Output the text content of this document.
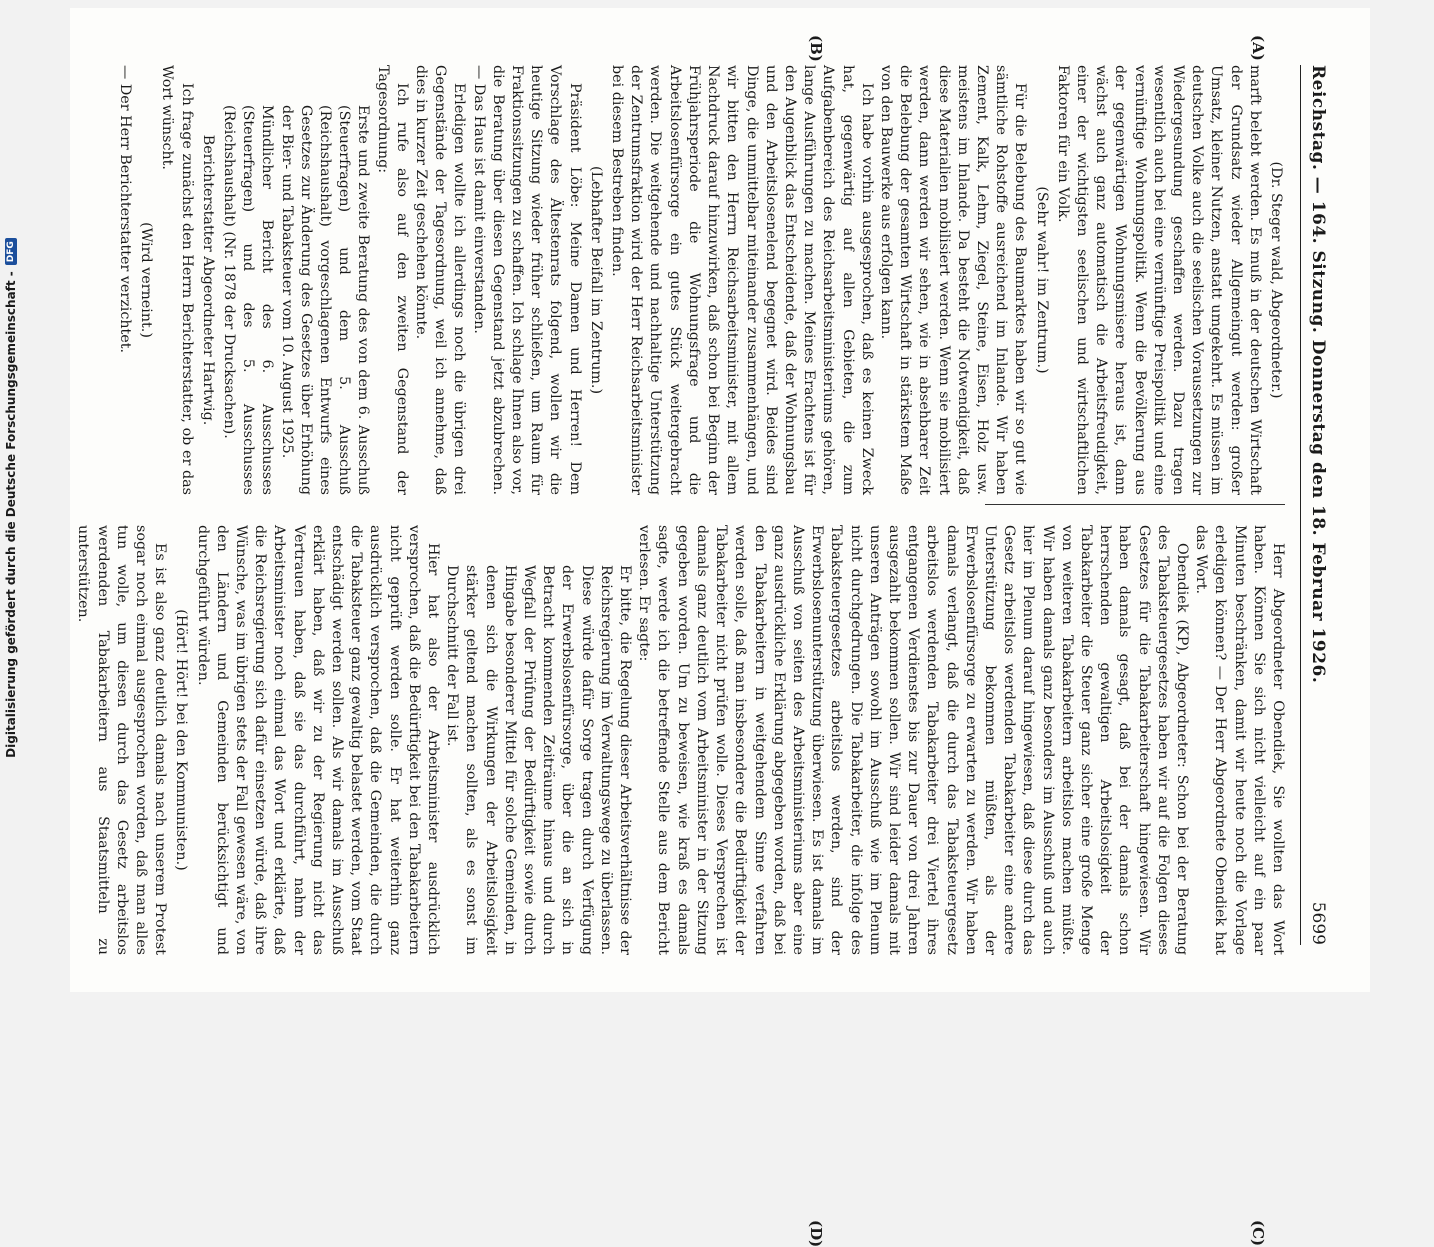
Digitalisierung gefördert durch die Deutsche Forschungsgemeinschaft -
DFG	Reichstag. — 164. Sitzung. Donnerstag den 18. Februar 1926.
5699
(A)
(B)
(C)
(D)

(Dr. Steger wald, Abgeordneter.)

marft belebt werden. Es muß in der deutschen Wirtschaft der Grundsatz wieder Allgemeingut werden: großer Umsatz, kleiner Nutzen, anstatt umgekehrt. Es müssen im deutschen Volke auch die seelischen Voraussetzungen zur Wiedergesundung geschaffen werden. Dazu tragen wesentlich auch bei eine vernünftige Preispolitik und eine vernünftige Wohnungspolitik. Wenn die Bevölkerung aus der gegenwärtigen Wohnungsmisere heraus ist, dann wächst auch ganz automatisch die Arbeitsfreudigkeit, einer der wichtigsten seelischen und wirtschaftlichen Faktoren für ein Volk.

(Sehr wahr! im Zentrum.)

Für die Belebung des Baumarktes haben wir so gut wie sämtliche Rohstoffe ausreichend im Inlande. Wir haben Zement, Kalk, Lehm, Ziegel, Steine, Eisen, Holz usw. meistens im Inlande. Da besteht die Notwendigkeit, daß diese Materialien mobilisiert werden. Wenn sie mobilisiert werden, dann werden wir sehen, wie in absehbarer Zeit die Belebung der gesamten Wirtschaft in stärkstem Maße von den Bauwerke aus erfolgen kann.

Ich habe vorhin ausgesprochen, daß es keinen Zweck hat, gegenwärtig auf allen Gebieten, die zum Aufgabenbereich des Reichsarbeitsministeriums gehören, lange Ausführungen zu machen. Meines Erachtens ist für den Augenblick das Entscheidende, daß der Wohnungsbau und den Arbeitslosenelend begegnet wird. Beides sind Dinge, die unmittelbar miteinander zusammenhängen, und wir bitten den Herrn Reichsarbeitsminister, mit allem Nachdruck darauf hinzuwirken, daß schon bei Beginn der Frühjahrsperiode die Wohnungsfrage und die Arbeitslosenfürsorge ein gutes Stück weitergebracht werden. Die weitgehende und nachhaltige Unterstützung der Zentrumsfraktion wird der Herr Reichsarbeitsminister bei diesem Bestreben finden.

(Lebhafter Beifall im Zentrum.)

Präsident Löbe: Meine Damen und Herren! Dem Vorschlage des Ältestenrats folgend, wollen wir die heutige Sitzung wieder früher schließen, um Raum für Fraktionssitzungen zu schaffen. Ich schlage Ihnen also vor, die Beratung über diesen Gegenstand jetzt abzubrechen. — Das Haus ist damit einverstanden.

Erledigen wollte ich allerdings noch die übrigen drei Gegenstände der Tagesordnung, weil ich annehme, daß dies in kurzer Zeit geschehen könnte.

Ich rufe also auf den zweiten Gegenstand der Tagesordnung:

Erste und zweite Beratung des von dem 6. Ausschuß (Steuerfragen) und dem 5. Ausschuß (Reichshaushalt) vorgeschlagenen Entwurfs eines Gesetzes zur Änderung des Gesetzes über Erhöhung der Bier- und Tabaksteuer vom 10. August 1925.

Mündlicher Bericht des 6. Ausschusses (Steuerfragen) und des 5. Ausschusses (Reichshaushalt) (Nr. 1878 der Drucksachen).

Berichterstatter Abgeordneter Hartwig.

Ich frage zunächst den Herrn Berichterstatter, ob er das Wort wünscht.

(Wird verneint.)

— Der Herr Berichterstatter verzichtet.

Herr Abgeordneter Obendiek, Sie wollten das Wort haben. Können Sie sich nicht vielleicht auf ein paar Minuten beschränken, damit wir heute noch die Vorlage erledigen können? — Der Herr Abgeordnete Obendiek hat das Wort.

Obendiek (KP), Abgeordneter: Schon bei der Beratung des Tabaksteuergesetzes haben wir auf die Folgen dieses Gesetzes für die Tabakarbeiterschaft hingewiesen. Wir haben damals gesagt, daß bei der damals schon herrschenden gewaltigen Arbeitslosigkeit der Tabakarbeiter die Steuer ganz sicher eine große Menge von weiteren Tabakarbeitern arbeitslos machen müßte. Wir haben damals ganz besonders im Ausschuß und auch hier im Plenum darauf hingewiesen, daß diese durch das Gesetz arbeitslos werdenden Tabakarbeiter eine andere Unterstützung bekommen müßten, als der Erwerbslosenfürsorge zu erwarten zu werden. Wir haben damals verlangt, daß die durch das Tabaksteuergesetz arbeitslos werdenden Tabakarbeiter drei Viertel ihres entgangenen Verdienstes bis zur Dauer von drei Jahren ausgezahlt bekommen sollen. Wir sind leider damals mit unseren Anträgen sowohl im Ausschuß wie im Plenum nicht durchgedrungen. Die Tabakarbeiter, die infolge des Tabaksteuergesetzes arbeitslos werden, sind der Erwerbslosenunterstützung überwiesen. Es ist damals im Ausschuß von seiten des Arbeitsministeriums aber eine ganz ausdrückliche Erklärung abgegeben worden, daß bei den Tabakarbeitern in weitgehendem Sinne verfahren werden solle, daß man insbesondere die Bedürftigkeit der Tabakarbeiter nicht prüfen wolle. Dieses Versprechen ist damals ganz deutlich vom Arbeitsminister in der Sitzung gegeben worden. Um zu beweisen, wie kraß es damals sagte, werde ich die betreffende Stelle aus dem Bericht verlesen. Er sagte:

Er bitte, die Regelung dieser Arbeitsverhältnisse der Reichsregierung im Verwaltungswege zu überlassen. Diese würde dafür Sorge tragen durch Verfügung der Erwerbslosenfürsorge, über die an sich in Betracht kommenden Zeiträume hinaus und durch Wegfall der Prüfung der Bedürftigkeit sowie durch Hingabe besonderer Mittel für solche Gemeinden, in denen sich die Wirkungen der Arbeitslosigkeit stärker geltend machen sollten, als es sonst im Durchschnitt der Fall ist.

Hier hat also der Arbeitsminister ausdrücklich versprochen, daß die Bedürftigkeit bei den Tabakarbeitern nicht geprüft werden solle. Er hat weiterhin ganz ausdrücklich versprochen, daß die Gemeinden, die durch die Tabaksteuer ganz gewaltig belastet werden, vom Staat entschädigt werden sollen. Als wir damals im Ausschuß erklärt haben, daß wir zu der Regierung nicht das Vertrauen haben, daß sie das durchführt, nahm der Arbeitsminister noch einmal das Wort und erklärte, daß die Reichsregierung sich dafür einsetzen würde, daß ihre Wünsche, was im übrigen stets der Fall gewesen wäre, von den Ländern und Gemeinden berücksichtigt und durchgeführt würden.

(Hört! Hört! bei den Kommunisten.)

Es ist also ganz deutlich damals nach unserem Protest sogar noch einmal ausgesprochen worden, daß man alles tun wolle, um diesen durch das Gesetz arbeitslos werdenden Tabakarbeitern aus Staatsmitteln zu unterstützen.
